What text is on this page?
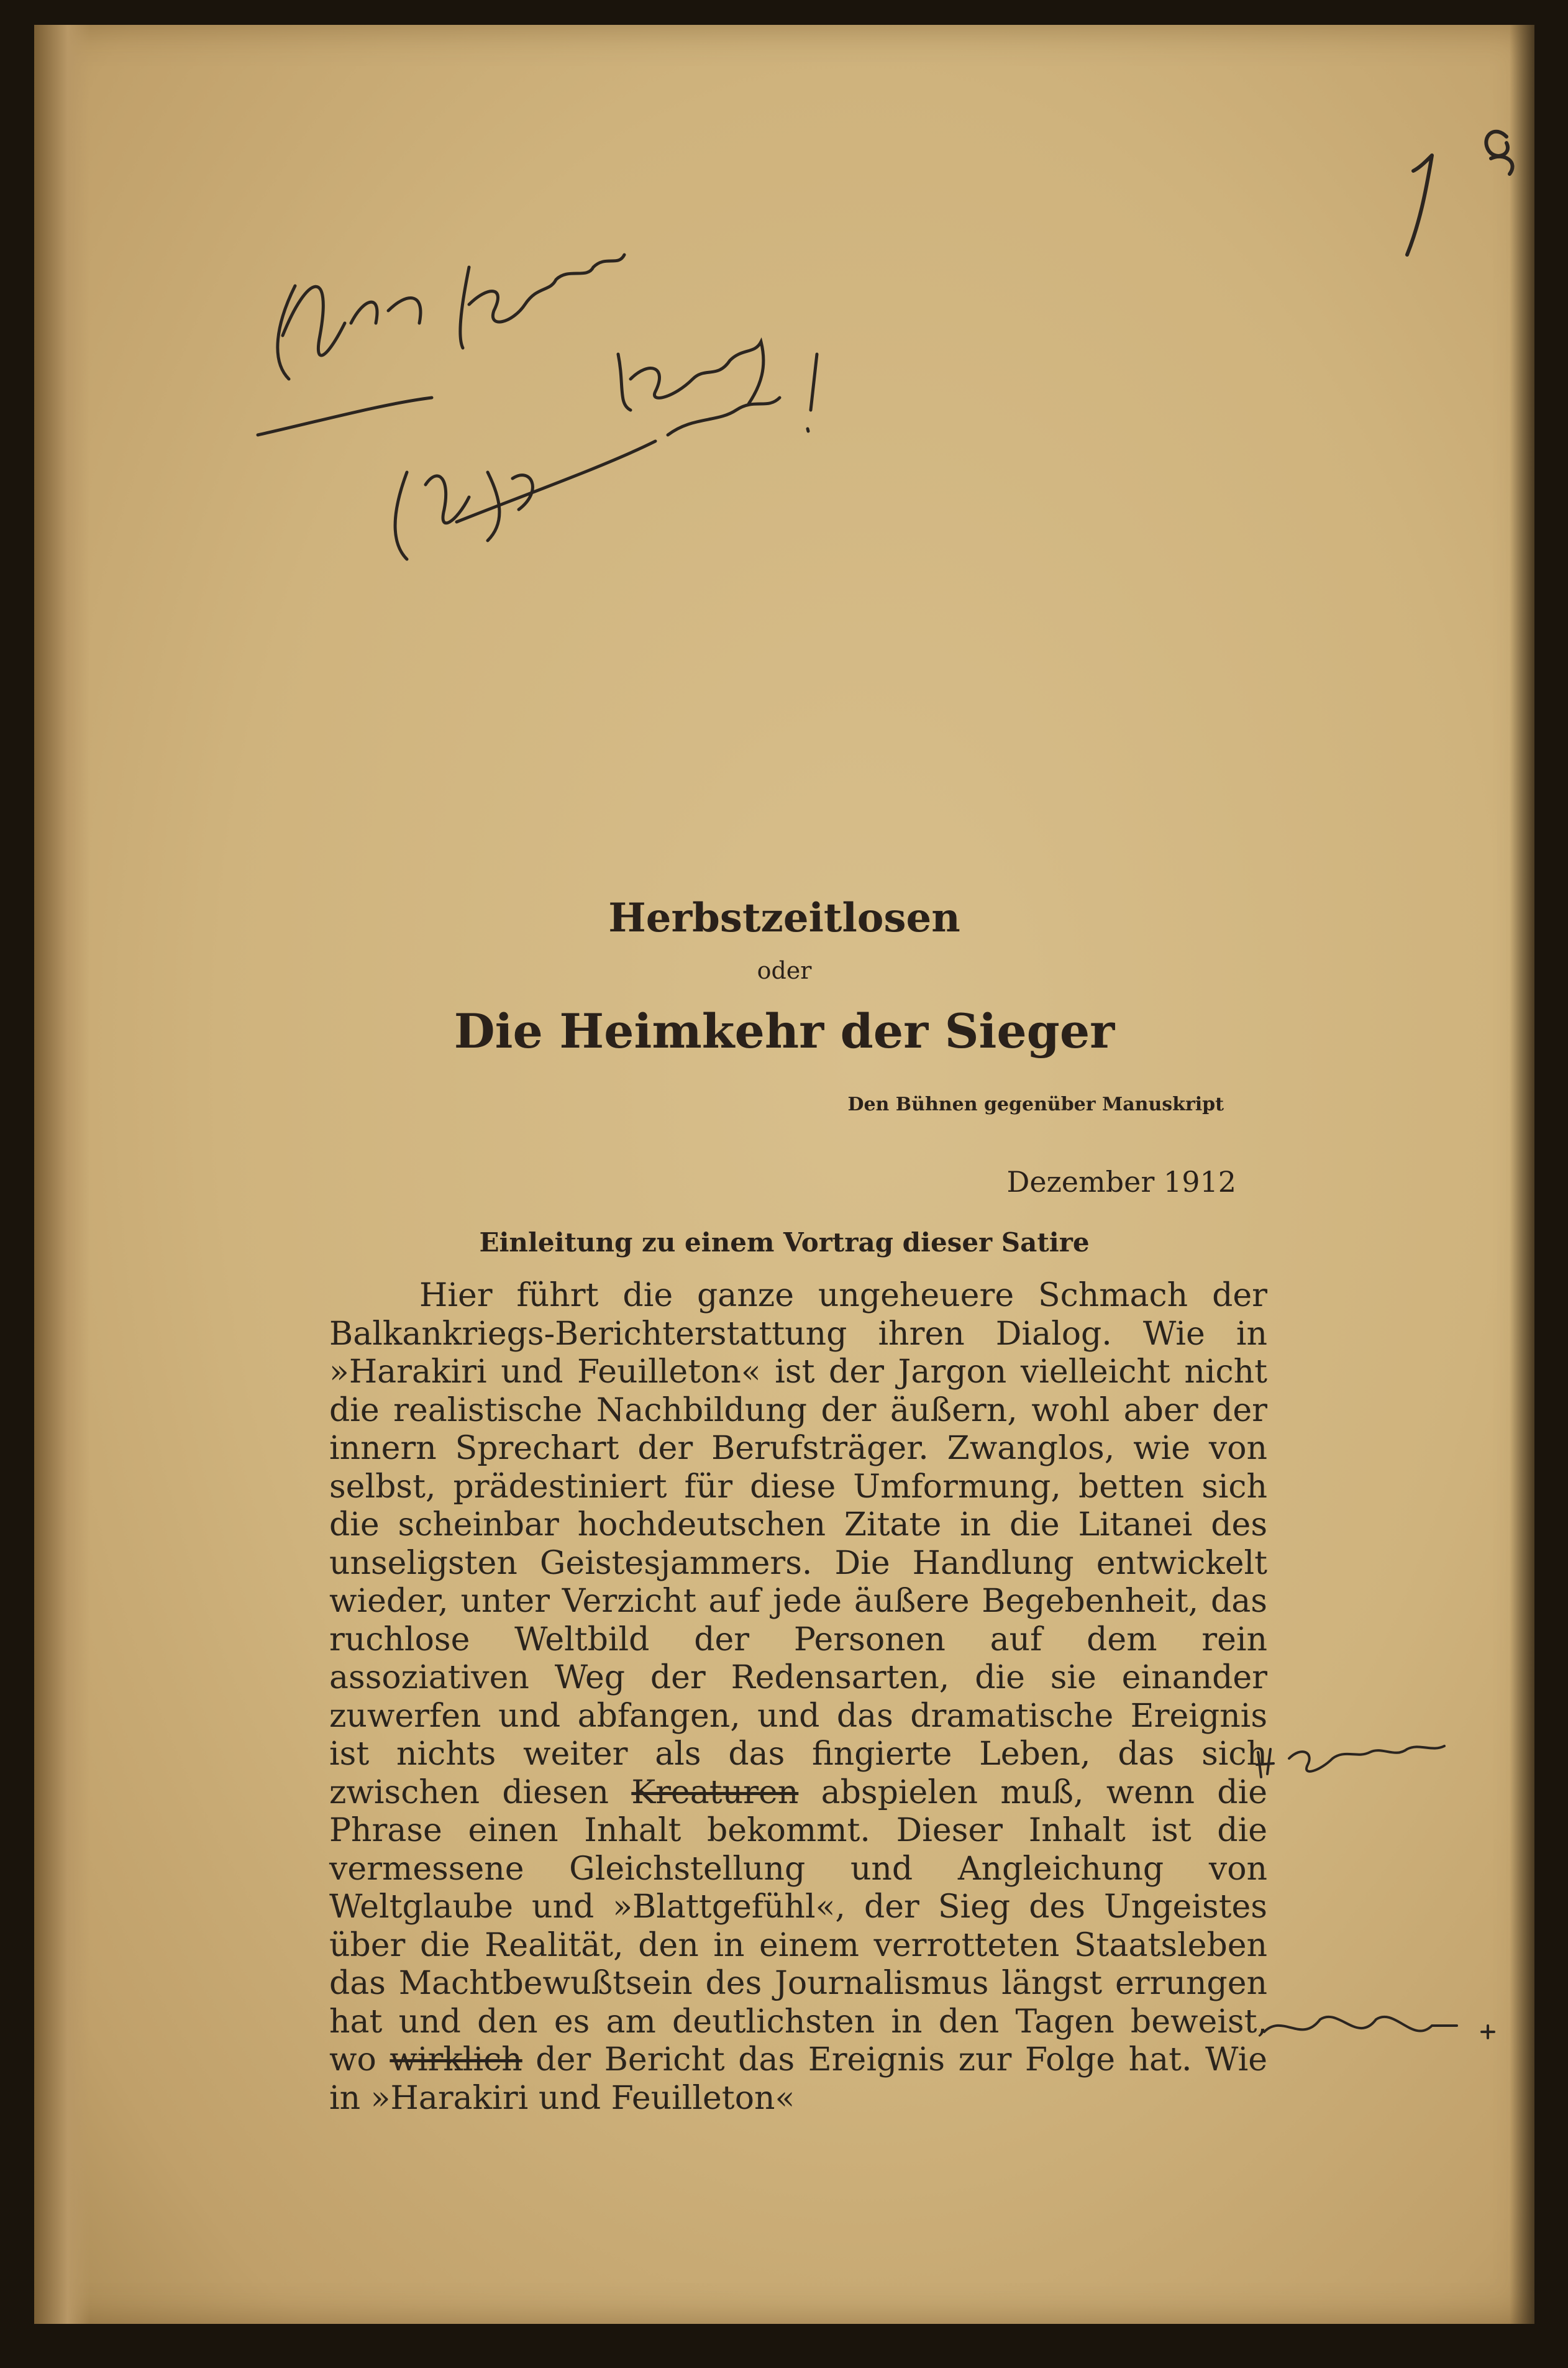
Herbstzeitlosen
oder
Die Heimkehr der Sieger
Den Bühnen gegenüber Manuskript
Dezember 1912
Einleitung zu einem Vortrag dieser Satire

Hier führt die ganze ungeheuere Schmach der Balkankriegs-Berichterstattung ihren Dialog. Wie in »Harakiri und Feuilleton« ist der Jargon vielleicht nicht die realistische Nachbildung der äußern, wohl aber der innern Sprechart der Berufsträger. Zwanglos, wie von selbst, prädestiniert für diese Umformung, betten sich die scheinbar hochdeutschen Zitate in die Litanei des unseligsten Geistesjammers. Die Handlung entwickelt wieder, unter Verzicht auf jede äußere Begebenheit, das ruchlose Weltbild der Personen auf dem rein assoziativen Weg der Redensarten, die sie einander zuwerfen und abfangen, und das dramatische Ereignis ist nichts weiter als das fingierte Leben, das sich zwischen diesen Kreaturen abspielen muß, wenn die Phrase einen Inhalt bekommt. Dieser Inhalt ist die vermessene Gleichstellung und Angleichung von Weltglaube und »Blattgefühl«, der Sieg des Ungeistes über die Realität, den in einem verrotteten Staatsleben das Machtbewußtsein des Journalismus längst errungen hat und den es am deutlichsten in den Tagen beweist, wo wirklich der Bericht das Ereignis zur Folge hat. Wie in »Harakiri und Feuilleton«
